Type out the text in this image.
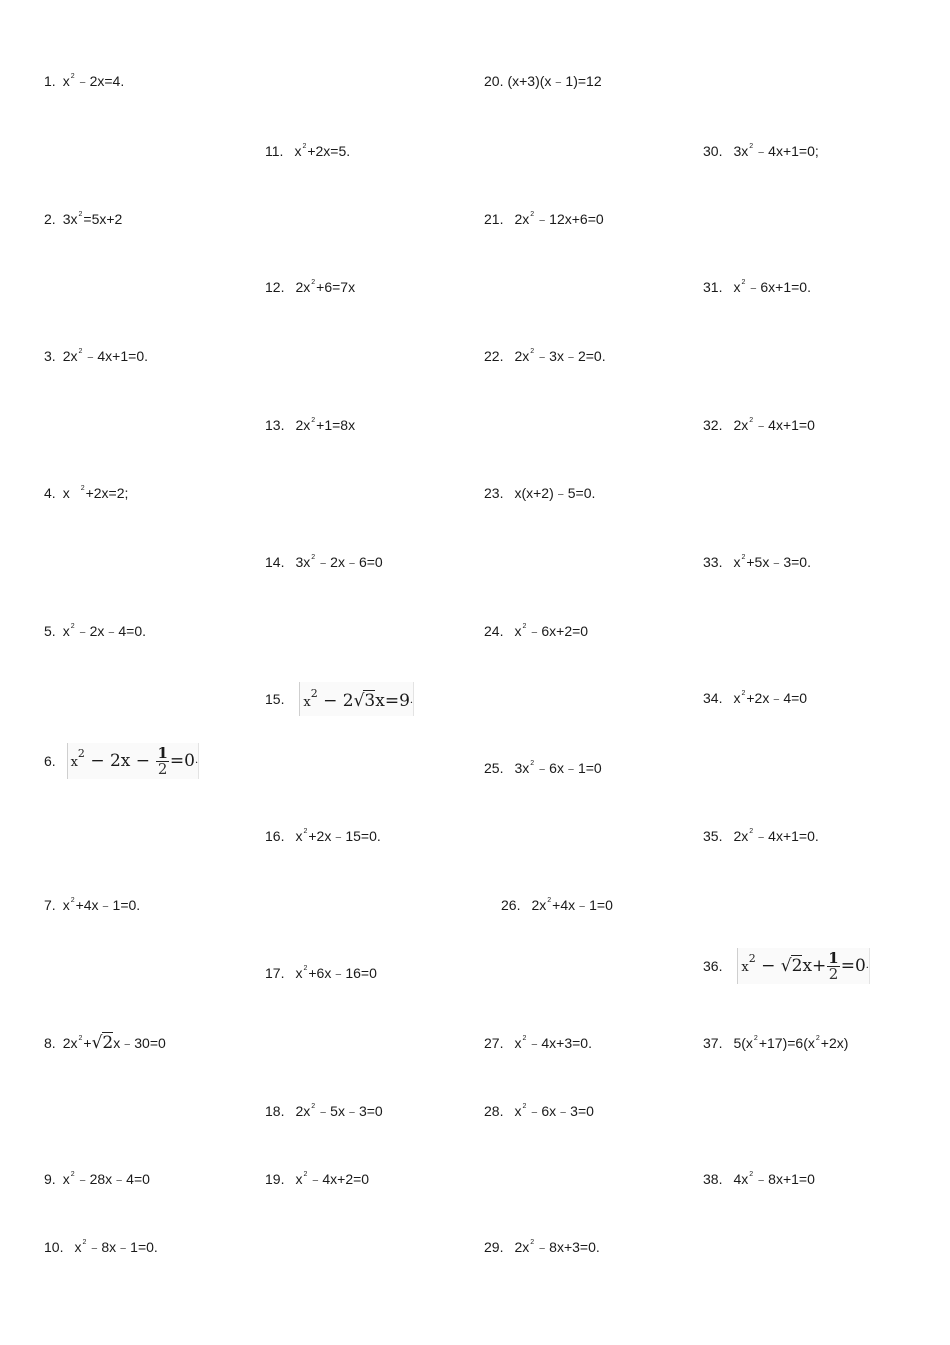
1. $x^2﹣2x=4$.
2. $3x^2=5x+2$
3. $2x^2﹣4x+1=0$.
4. x $^2$+2x=2;
5. $x^2﹣2x﹣4=0$.
6. $x^2 - 2x - \frac{1}{2} =0\cdot$
7. $x^2+4x﹣1=0$.
8. $2x^2+√2x﹣30=0$
9. $x^2﹣28x﹣4=0$
10. $x^2﹣8x﹣1=0$.
11. $x^2+2x=5$.
12. $2x^2+6=7x$
13. $2x^2+1=8x$
14. $3x^2﹣2x﹣6=0$
15. $x^2 - 2√3x=9\cdot$
16. $x^2+2x﹣15=0$.
17. $x^2+6x﹣16=0$
18. $2x^2﹣5x﹣3=0$
19. $x^2﹣4x+2=0$
20. (x+3)(x﹣1)=12
21. $2x^2﹣12x+6=0$
22. $2x^2﹣3x﹣2=0$.
23. x(x+2)﹣5=0.
24. $x^2﹣6x+2=0$
25. $3x^2﹣6x﹣1=0$
26. $2x^2+4x﹣1=0$
27. $x^2﹣4x+3=0$.
28. $x^2﹣6x﹣3=0$
29. $2x^2﹣8x+3=0$.
30. $3x^2﹣4x+1=0$;
31. $x^2﹣6x+1=0$.
32. $2x^2﹣4x+1=0$
33. $x^2+5x﹣3=0$.
34. $x^2+2x﹣4=0$
35. $2x^2﹣4x+1=0$.
36. $x^2 - √2x+ \frac{1}{2} =0\cdot$
37. $5(x^2+17)=6(x^2+2x)$
38. $4x^2﹣8x+1=0$
